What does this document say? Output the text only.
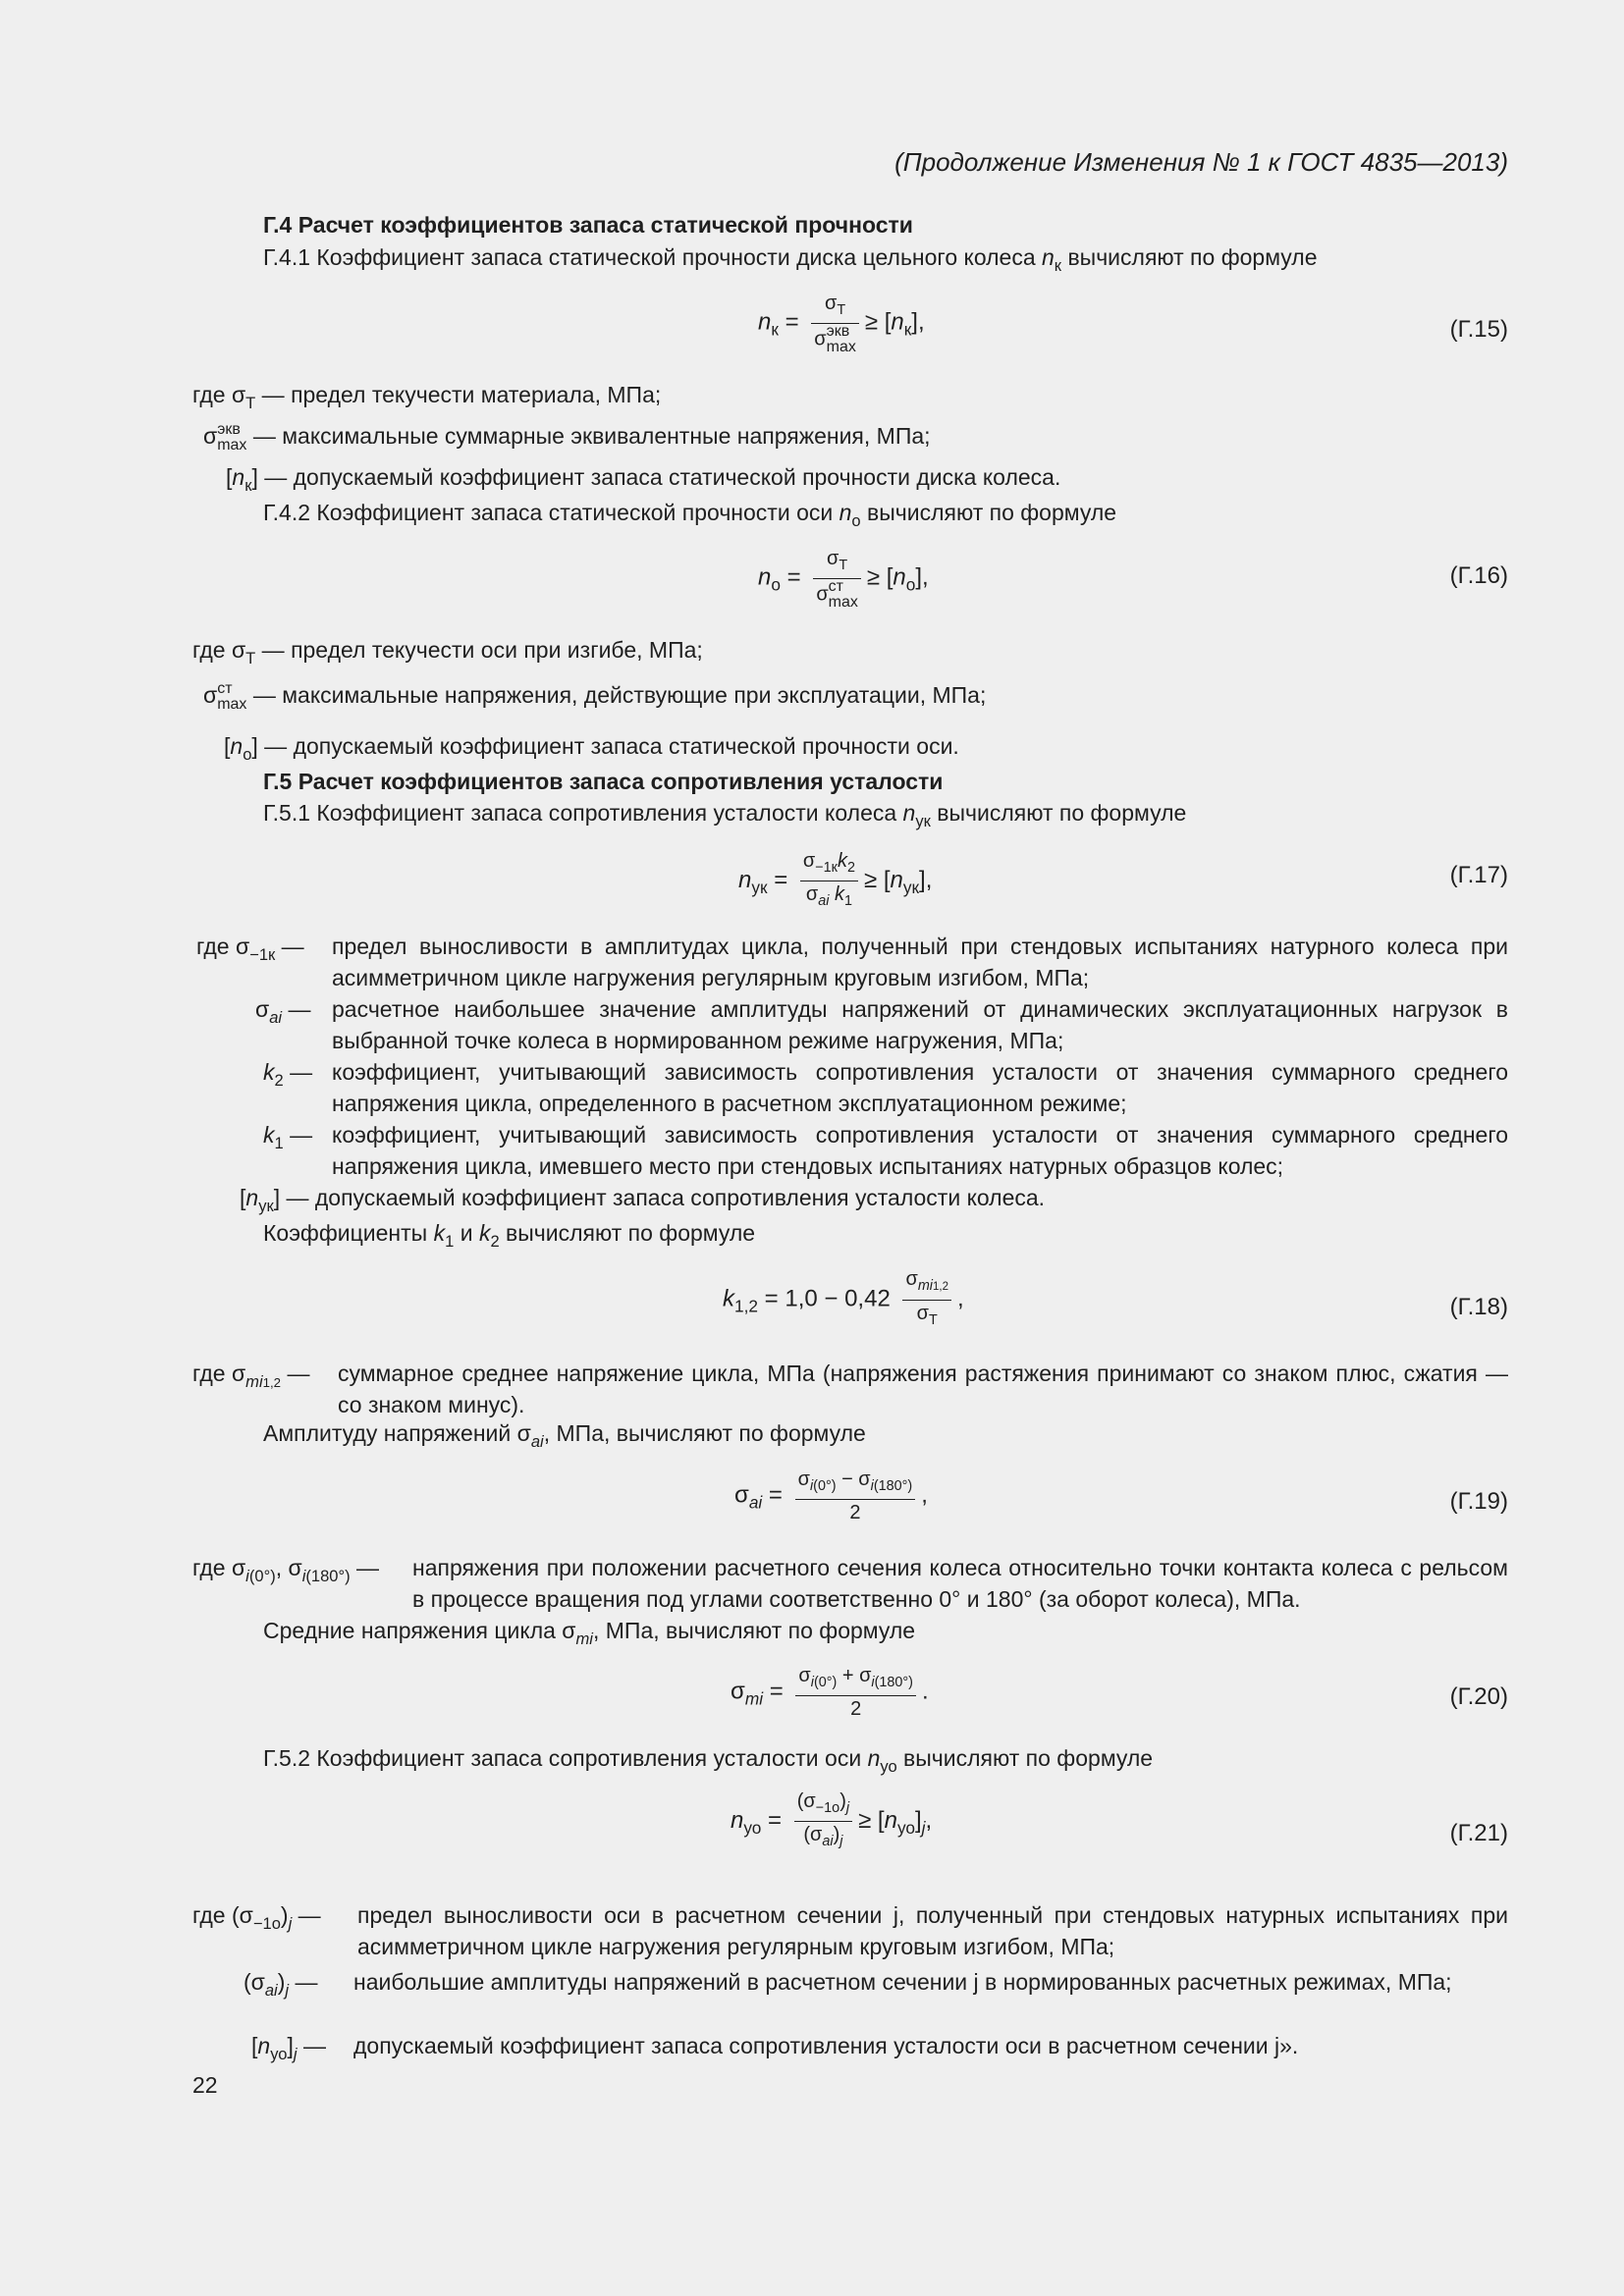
(Продолжение Изменения № 1 к ГОСТ 4835—2013)
Г.4 Расчет коэффициентов запаса статической прочности
Г.4.1 Коэффициент запаса статической прочности диска цельного колеса $n_к$ вычисляют по формуле
$n_к = \sigma_Т$
σ экв
$\max \ge [n_к]$,	(Г.15)
где $\sigma_Т$ — предел текучести материала, МПа;
σ экв
max — максимальные суммарные эквивалентные напряжения, МПа;
$[n_к]$ — допускаемый коэффициент запаса статической прочности диска колеса.
Г.4.2 Коэффициент запаса статической прочности оси $n_о$ вычисляют по формуле
$n_о = \sigma_Т$
σ ст
$\max \ge [n_о]$,	(Г.16)
где $\sigma_Т$ — предел текучести оси при изгибе, МПа;
σ ст
max — максимальные напряжения, действующие при эксплуатации, МПа;
$[n_о]$ — допускаемый коэффициент запаса статической прочности оси.
Г.5 Расчет коэффициентов запаса сопротивления усталости
Г.5.1 Коэффициент запаса сопротивления усталости колеса $n_{ук}$ вычисляют по формуле
$n_{ук} = \frac{\sigma_{-1к}k_2}{\sigma_{ai} k_1} \ge [n_{ук}]$,	(Г.17)
где $\sigma_{-1к}$ — предел выносливости в амплитудах цикла, полученный при стендовых испытаниях натурного колеса при асимметричном цикле нагружения регулярным круговым изгибом, МПа;
$\sigma_{ai}$ — расчетное наибольшее значение амплитуды напряжений от динамических эксплуатационных нагрузок в выбранной точке колеса в нормированном режиме нагружения, МПа;
$k_2$ — коэффициент, учитывающий зависимость сопротивления усталости от значения суммарного среднего напряжения цикла, определенного в расчетном эксплуатационном режиме;
$k_1$ — коэффициент, учитывающий зависимость сопротивления усталости от значения суммарного среднего напряжения цикла, имевшего место при стендовых испытаниях натурных образцов колес;
$[n_{ук}]$ — допускаемый коэффициент запаса сопротивления усталости колеса.
Коэффициенты $k_1$ и $k_2$ вычисляют по формуле
$k_{1,2} = 1,0 - 0,42 \frac{\sigma_{mi1,2}}{\sigma_Т}$ ,	(Г.18)
где $\sigma_{mi1,2}$ — суммарное среднее напряжение цикла, МПа (напряжения растяжения принимают со знаком плюс, сжатия — со знаком минус).
Амплитуду напряжений $\sigma_{ai}$, МПа, вычисляют по формуле
$\sigma_{ai} = \frac{\sigma_{i(0^\circ)} - \sigma_{i(180^\circ)}}{2}$ ,	(Г.19)
где $\sigma_{i(0^\circ)}$, $\sigma_{i(180^\circ)}$ — напряжения при положении расчетного сечения колеса относительно точки контакта колеса с рельсом в процессе вращения под углами соответственно 0° и 180° (за оборот колеса), МПа.
Средние напряжения цикла $\sigma_{mi}$, МПа, вычисляют по формуле
$\sigma_{mi} = \frac{\sigma_{i(0^\circ)} + \sigma_{i(180^\circ)}}{2}$ .	(Г.20)
Г.5.2 Коэффициент запаса сопротивления усталости оси $n_{уо}$ вычисляют по формуле
$n_{уо} = \frac{(\sigma_{-1о})_j}{(\sigma_{ai})_j} \ge [n_{уо}]_j$,	(Г.21)
где $(\sigma_{-1о})_j$ — предел выносливости оси в расчетном сечении j, полученный при стендовых натурных испытаниях при асимметричном цикле нагружения регулярным круговым изгибом, МПа;
$(\sigma_{ai})_j$ — наибольшие амплитуды напряжений в расчетном сечении j в нормированных расчетных режимах, МПа;
$[n_{уо}]_j$ — допускаемый коэффициент запаса сопротивления усталости оси в расчетном сечении j».
22
